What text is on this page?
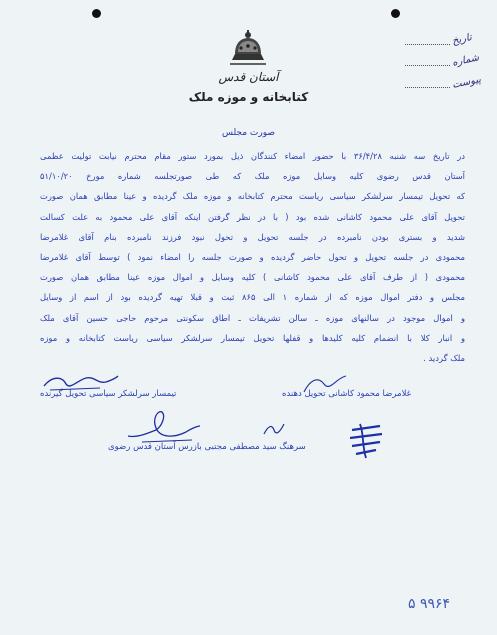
تاریخ
شماره
پیوست
آستان قدس
کتابخانه و موزه ملک
صورت مجلس
در تاریخ سه شنبه ۳۶/۴/۲۸ با حضور امضاء کنندگان ذیل بمورد ستور مقام محترم نیابت تولیت عظمی
آستان قدس رضوی کلیه وسایل موزه ملک که طی صورتجلسه شماره مورخ ۵۱/۱۰/۲۰
که تحویل تیمسار سرلشکر سیاسی ریاست محترم کتابخانه و موزه ملک گردیده و عینا مطابق همان صورت
تحویل آقای علی محمود کاشانی شده بود ( با در نظر گرفتن اینکه آقای علی محمود به علت کسالت
شدید و بستری بودن نامبرده در جلسه تحویل و تحول نبود فرزند نامبرده بنام آقای غلامرضا
محمودی در جلسه تحویل و تحول حاضر گردیده و صورت جلسه را امضاء نمود ) توسط آقای غلامرضا
محمودی ( از طرف آقای علی محمود کاشانی ) کلیه وسایل و اموال موزه عینا مطابق همان صورت
مجلس و دفتر اموال موزه که از شماره ۱ الی ۸۶۵ ثبت و قبلا تهیه گردیده بود از اسم از وسایل
و اموال موجود در سالنهای موزه ـ سالن تشریفات ـ اطاق سکونتی مرحوم حاجی حسین آقای ملک
و انبار کلا با انضمام کلیه کلیدها و قفلها تحویل تیمسار سرلشکر سیاسی ریاست کتابخانه و موزه
ملک گردید .
تیمسار سرلشکر سیاسی تحویل گیرنده	غلامرضا محمود کاشانی تحویل دهنده
سرهنگ سید مصطفی مجتبی بازرس آستان قدس رضوی
۵ ۹۹۶۴
